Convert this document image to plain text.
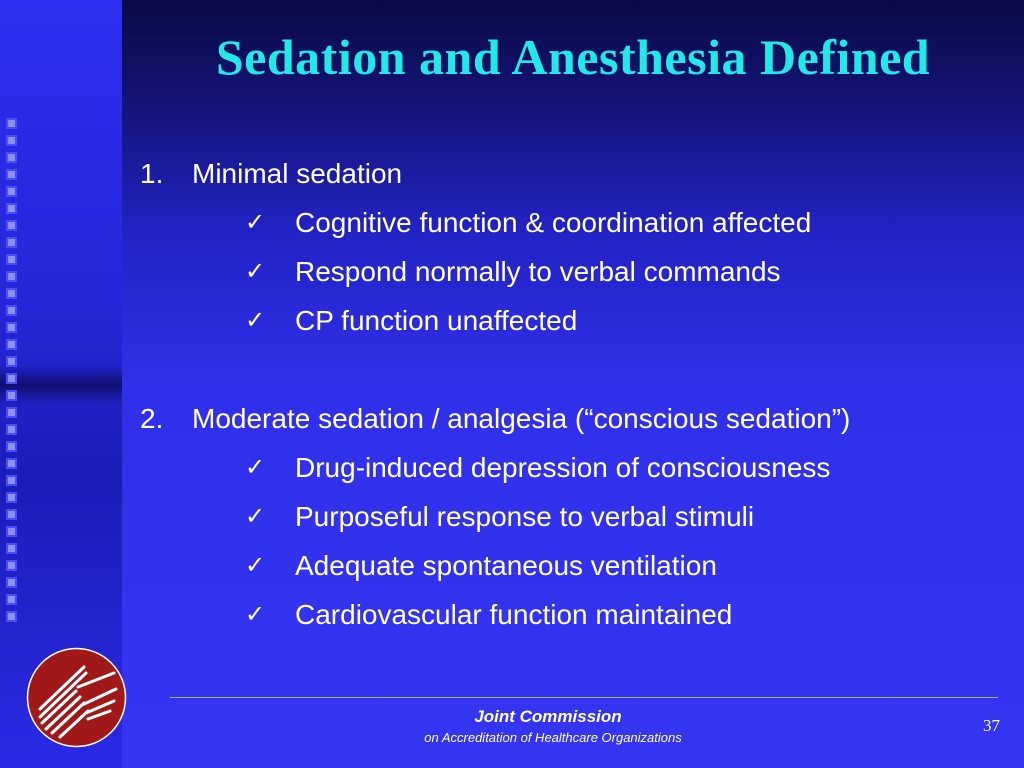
Sedation and Anesthesia Defined
1. Minimal sedation
✓ Cognitive function & coordination affected
✓ Respond normally to verbal commands
✓ CP function unaffected
2. Moderate sedation / analgesia (“conscious sedation”)
✓ Drug-induced depression of consciousness
✓ Purposeful response to verbal stimuli
✓ Adequate spontaneous ventilation
✓ Cardiovascular function maintained
Joint Commission
on Accreditation of Healthcare Organizations
37
